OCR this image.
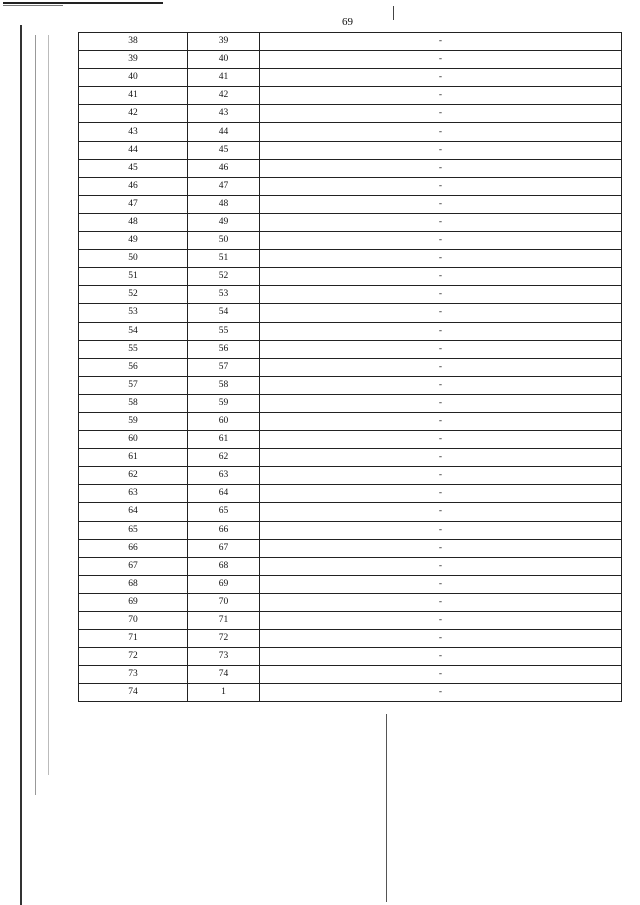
69
38	39	-
39	40	-
40	41	-
41	42	-
42	43	-
43	44	-
44	45	-
45	46	-
46	47	-
47	48	-
48	49	-
49	50	-
50	51	-
51	52	-
52	53	-
53	54	-
54	55	-
55	56	-
56	57	-
57	58	-
58	59	-
59	60	-
60	61	-
61	62	-
62	63	-
63	64	-
64	65	-
65	66	-
66	67	-
67	68	-
68	69	-
69	70	-
70	71	-
71	72	-
72	73	-
73	74	-
74	1	-
